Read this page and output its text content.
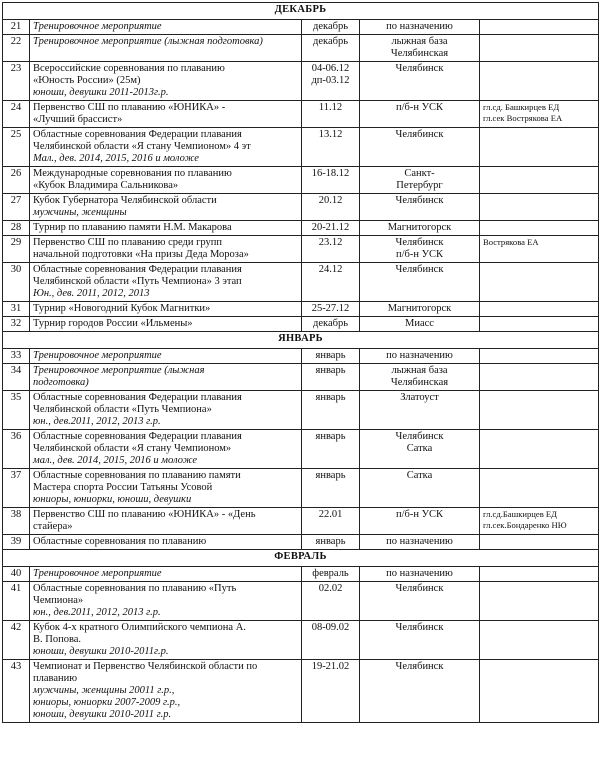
ДЕКАБРЬ				
21	Тренировочное мероприятие	декабрь	по назначению	

22	Тренировочное мероприятие (лыжная подготовка)	декабрь	лыжная база
Челябинская	

23	Всероссийские соревнования по плаванию
«Юность России» (25м)
юноши, девушки 2011-2013г.р.	04-06.12
дп-03.12	Челябинск	

24	Первенство СШ по плаванию «ЮНИКА» -
«Лучший брассист»	11.12	п/б-н УСК	гл.сд. Башкирцев ЕД
гл.сек Вострякова ЕА

25	Областные соревнования Федерации плавания
Челябинской области «Я стану Чемпионом» 4 эт
Мал., дев. 2014, 2015, 2016 и моложе	13.12	Челябинск	

26	Международные соревнования по плаванию
«Кубок Владимира Сальникова»	16-18.12	Санкт-
Петербург	

27	Кубок Губернатора Челябинской области
мужчины, женщины	20.12	Челябинск	

28	Турнир по плаванию памяти Н.М. Макарова	20-21.12	Магнитогорск	

29	Первенство СШ по плаванию среди групп
начальной подготовки «На призы Деда Мороза»	23.12	Челябинск
п/б-н УСК	Вострякова ЕА

30	Областные соревнования Федерации плавания
Челябинской области «Путь Чемпиона» 3 этап
Юн., дев. 2011, 2012, 2013	24.12	Челябинск	

31	Турнир «Новогодний Кубок Магнитки»	25-27.12	Магнитогорск	

32	Турнир городов России «Ильмены»	декабрь	Миасс	

ЯНВАРЬ				
33	Тренировочное мероприятие	январь	по назначению	

34	Тренировочное мероприятие (лыжная
подготовка)	январь	лыжная база
Челябинская	

35	Областные соревнования Федерации плавания
Челябинской области «Путь Чемпиона»
юн., дев.2011, 2012, 2013 г.р.	январь	Златоуст	

36	Областные соревнования Федерации плавания
Челябинской области «Я стану Чемпионом»
мал., дев. 2014, 2015, 2016 и моложе	январь	Челябинск
Сатка	

37	Областные соревнования по плаванию памяти
Мастера спорта России Татьяны Усовой
юниоры, юниорки, юноши, девушки	январь	Сатка	

38	Первенство СШ по плаванию «ЮНИКА» - «День
стайера»	22.01	п/б-н УСК	гл.сд.Башкирцев ЕД
гл.сек.Бондаренко НЮ

39	Областные соревнования по плаванию	январь	по назначению	

ФЕВРАЛЬ				
40	Тренировочное мероприятие	февраль	по назначению	

41	Областные соревнования по плаванию «Путь
Чемпиона»
юн., дев.2011, 2012, 2013 г.р.	02.02	Челябинск	

42	Кубок 4-х кратного Олимпийского чемпиона А.
В. Попова.
юноши, девушки 2010-2011г.р.	08-09.02	Челябинск	

43	Чемпионат и Первенство Челябинской области по
плаванию
мужчины, женщины 20011 г.р.,
юниоры, юниорки 2007-2009 г.р.,
юноши, девушки 2010-2011 г.р.	19-21.02	Челябинск	
